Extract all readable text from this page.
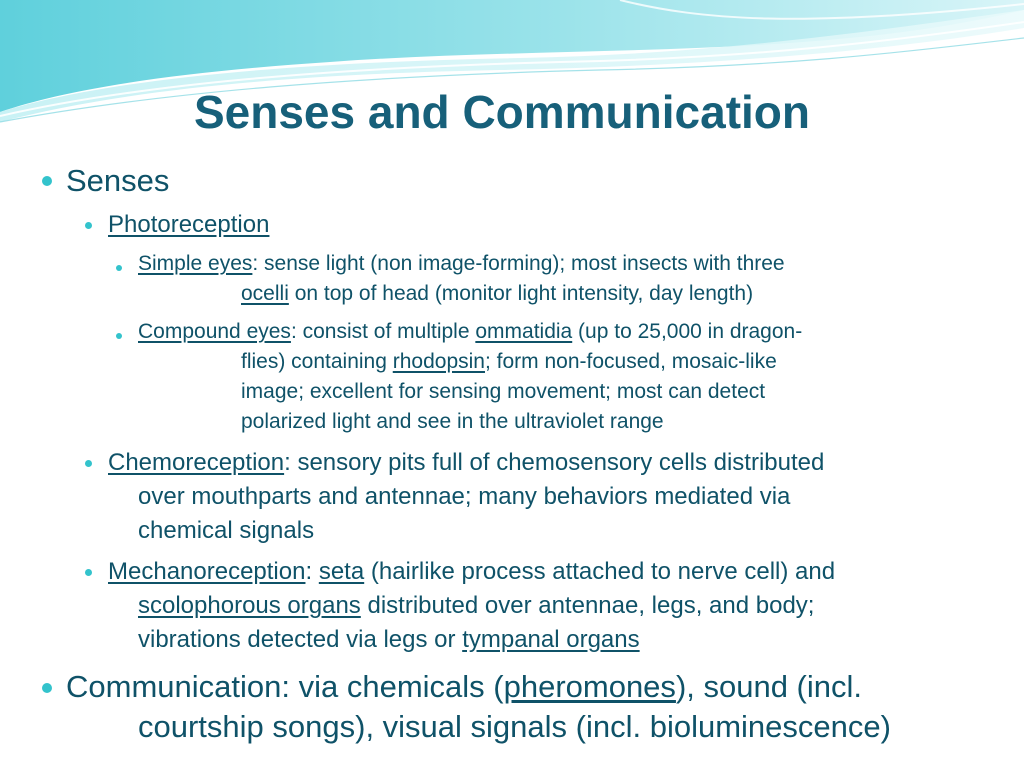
Senses and Communication
Senses
Photoreception
Simple eyes: sense light (non image-forming); most insects with three
ocelli on top of head (monitor light intensity, day length)
Compound eyes: consist of multiple ommatidia (up to 25,000 in dragon-
flies) containing rhodopsin; form non-focused, mosaic-like
image; excellent for sensing movement; most can detect
polarized light and see in the ultraviolet range
Chemoreception: sensory pits full of chemosensory cells distributed
over mouthparts and antennae; many behaviors mediated via
chemical signals
Mechanoreception: seta (hairlike process attached to nerve cell) and
scolophorous organs distributed over antennae, legs, and body;
vibrations detected via legs or tympanal organs
Communication: via chemicals (pheromones), sound (incl.
courtship songs), visual signals (incl. bioluminescence)
